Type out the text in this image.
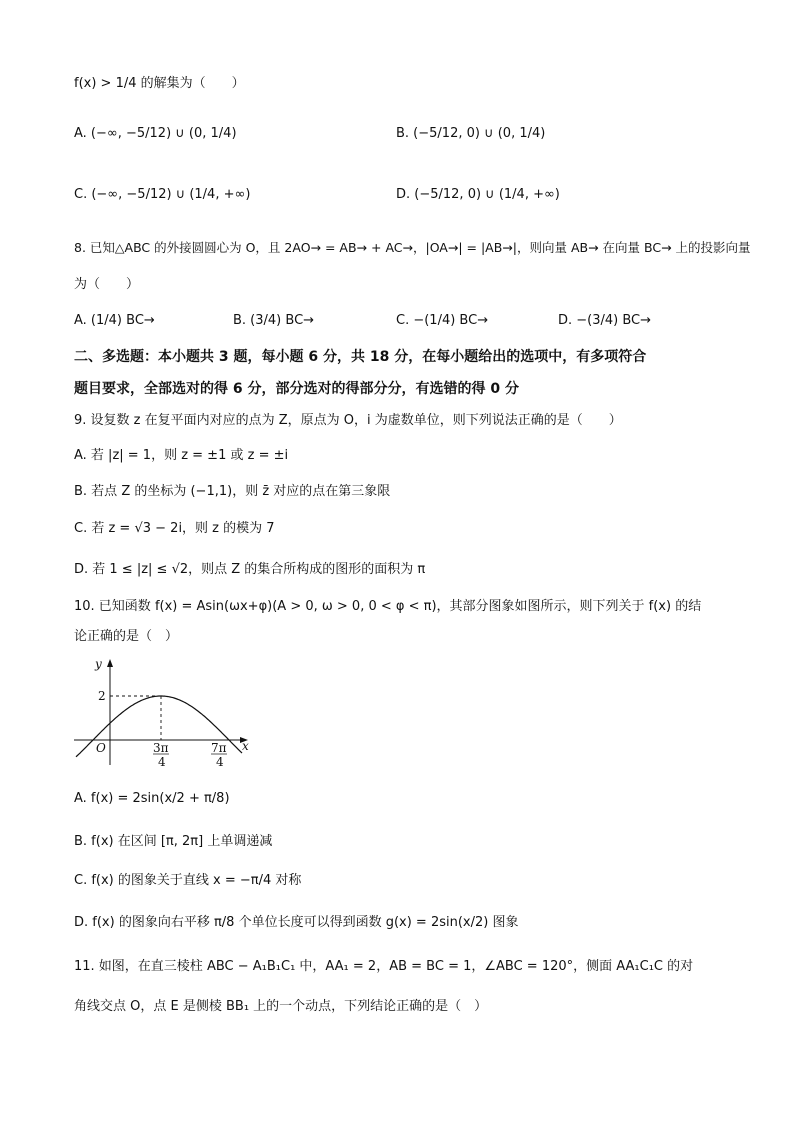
f(x) > 1/4 的解集为（　　）
A. (−∞, −5/12) ∪ (0, 1/4)	B. (−5/12, 0) ∪ (0, 1/4)
C. (−∞, −5/12) ∪ (1/4, +∞)	D. (−5/12, 0) ∪ (1/4, +∞)
8. 已知△ABC 的外接圆圆心为 O，且 2AO→ = AB→ + AC→，|OA→| = |AB→|，则向量 AB→ 在向量 BC→ 上的投影向量
为（　　）
A. (1/4) BC→	B. (3/4) BC→	C. −(1/4) BC→	D. −(3/4) BC→
二、多选题：本小题共 3 题，每小题 6 分，共 18 分，在每小题给出的选项中，有多项符合
题目要求，全部选对的得 6 分，部分选对的得部分分，有选错的得 0 分
9. 设复数 z 在复平面内对应的点为 Z，原点为 O，i 为虚数单位，则下列说法正确的是（　　）
A. 若 |z| = 1，则 z = ±1 或 z = ±i
B. 若点 Z 的坐标为 (−1,1)，则 z̄ 对应的点在第三象限
C. 若 z = √3 − 2i，则 z 的模为 7
D. 若 1 ≤ |z| ≤ √2，则点 Z 的集合所构成的图形的面积为 π
10. 已知函数 f(x) = Asin(ωx+φ)(A > 0, ω > 0, 0 < φ < π)，其部分图象如图所示，则下列关于 f(x) 的结
论正确的是（　）
y
x
O
2
3π
4
7π
4
A. f(x) = 2sin(x/2 + π/8)
B. f(x) 在区间 [π, 2π] 上单调递减
C. f(x) 的图象关于直线 x = −π/4 对称
D. f(x) 的图象向右平移 π/8 个单位长度可以得到函数 g(x) = 2sin(x/2) 图象
11. 如图，在直三棱柱 ABC − A₁B₁C₁ 中，AA₁ = 2，AB = BC = 1，∠ABC = 120°，侧面 AA₁C₁C 的对
角线交点 O，点 E 是侧棱 BB₁ 上的一个动点，下列结论正确的是（　）
